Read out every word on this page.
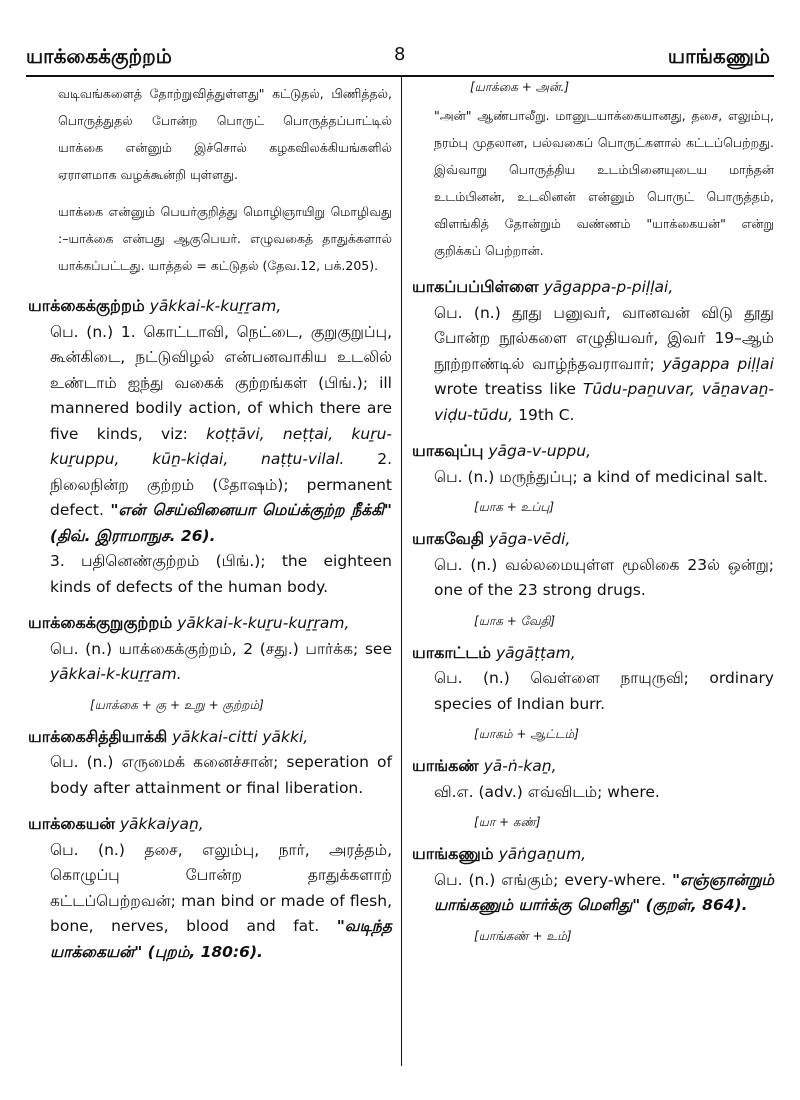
யாக்கைக்குற்றம்	8	யாங்கணும்

வடிவங்களைத் தோற்றுவித்துள்ளது" கட்டுதல், பிணித்தல், பொருத்துதல் போன்ற பொருட் பொருத்தப்பாட்டில் யாக்கை என்னும் இச்சொல் கழகவிலக்கியங்களில் ஏராளமாக வழக்கூன்றி யுள்ளது.

யாக்கை என்னும் பெயர்குறித்து மொழிஞாயிறு மொழிவது :–யாக்கை என்பது ஆகுபெயர். எழுவகைத் தாதுக்களால் யாக்கப்பட்டது. யாத்தல் = கட்டுதல் (தேவ.12, பக்.205).

யாக்கைக்குற்றம் yākkai-k-kuṟṟam,
பெ. (n.) 1. கொட்டாவி, நெட்டை, குறுகுறுப்பு, கூன்கிடை, நட்டுவிழல் என்பனவாகிய உடலில் உண்டாம் ஐந்து வகைக் குற்றங்கள் (பிங்.); ill mannered bodily action, of which there are five kinds, viz: koṭṭāvi, neṭṭai, kuṟu-kuṟuppu, kūṉ-kiḍai, naṭṭu-vilal. 2. நிலைநின்ற குற்றம் (தோஷம்); permanent defect. "என் செய்வினையா மெய்க்குற்ற நீக்கி" (திவ். இராமாநுச. 26).
3. பதினெண்குற்றம் (பிங்.); the eighteen kinds of defects of the human body.
யாக்கைக்குறுகுற்றம் yākkai-k-kuṟu-kuṟṟam,
பெ. (n.) யாக்கைக்குற்றம், 2 (சது.) பார்க்க; see yākkai-k-kuṟṟam.

[யாக்கை + கு + உறு + குற்றம்]

யாக்கைசித்தியாக்கி yākkai-citti yākki,
பெ. (n.) எருமைக் கனைச்சான்; seperation of body after attainment or final liberation.
யாக்கையன் yākkaiyaṉ,
பெ. (n.) தசை, எலும்பு, நார், அரத்தம், கொழுப்பு போன்ற தாதுக்களாற் கட்டப்பெற்றவன்; man bind or made of flesh, bone, nerves, blood and fat. "வடிந்த யாக்கையன்" (புறம், 180:6).

[யாக்கை + அன்.]

"அன்" ஆண்பாலீறு. மானுடயாக்கையானது, தசை, எலும்பு, நரம்பு முதலான, பல்வகைப் பொருட்களால் கட்டப்பெற்றது. இவ்வாறு பொருத்திய உடம்பினையுடைய மாந்தன் உடம்பினன், உடலினன் என்னும் பொருட் பொருத்தம், விளங்கித் தோன்றும் வண்ணம் "யாக்கையன்" என்று குறிக்கப் பெற்றான்.

யாகப்பப்பிள்ளை yāgappa-p-piḷḷai,
பெ. (n.) தூது பனுவர், வானவன் விடு தூது போன்ற நூல்களை எழுதியவர், இவர் 19–ஆம் நூற்றாண்டில் வாழ்ந்தவராவார்; yāgappa piḷḷai wrote treatiss like Tūdu-paṉuvar, vāṉavaṉ-viḍu-tūdu, 19th C.
யாகவுப்பு yāga-v-uppu,
பெ. (n.) மருந்துப்பு; a kind of medicinal salt.

[யாக + உப்பு]

யாகவேதி yāga-vēdi,
பெ. (n.) வல்லமையுள்ள மூலிகை 23ல் ஒன்று; one of the 23 strong drugs.

[யாக + வேதி]

யாகாட்டம் yāgāṭṭam,
பெ. (n.) வெள்ளை நாயுருவி; ordinary species of Indian burr.

[யாகம் + ஆட்டம்]

யாங்கண் yā-ṅ-kaṉ,
வி.எ. (adv.) எவ்விடம்; where.

[யா + கண்]

யாங்கணும் yāṅgaṉum,
பெ. (n.) எங்கும்; every-where. "எஞ்ஞான்றும் யாங்கணும் யார்க்கு மெளிது" (குறள், 864).

[யாங்கண் + உம்]
